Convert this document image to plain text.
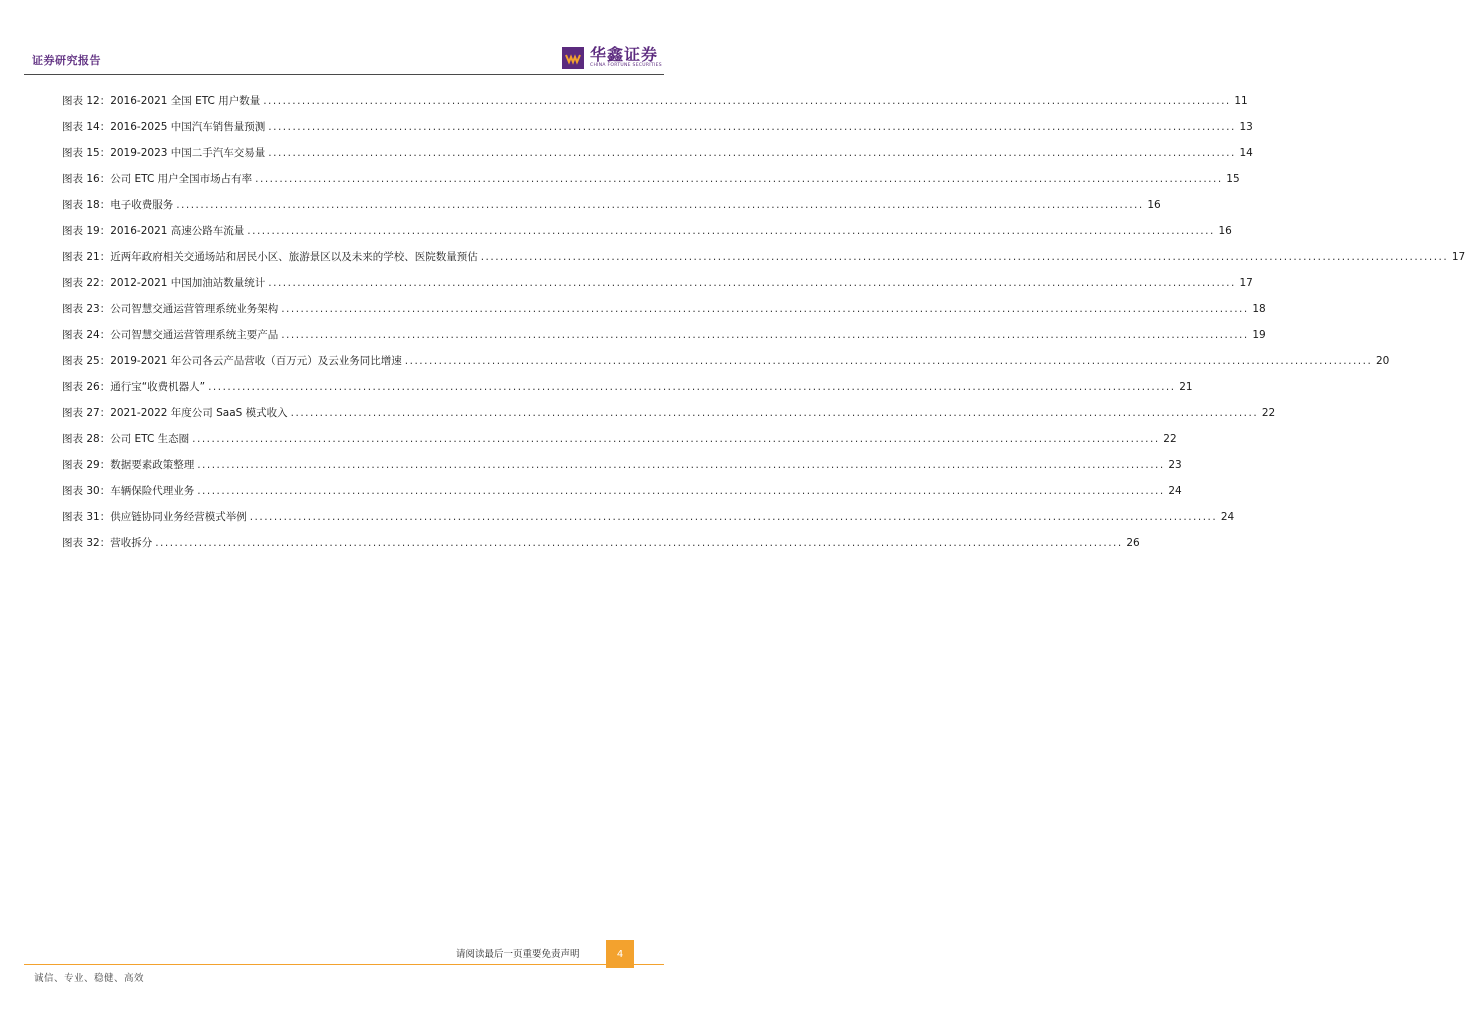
证券研究报告	华鑫证券
CHINA FORTUNE SECURITIES
图表 12：2016-2021 全国 ETC 用户数量 ........................................................................................................................................................................................................ 11
图表 14：2016-2025 中国汽车销售量预测 ........................................................................................................................................................................................................ 13
图表 15：2019-2023 中国二手汽车交易量 ........................................................................................................................................................................................................ 14
图表 16：公司 ETC 用户全国市场占有率 ........................................................................................................................................................................................................ 15
图表 18：电子收费服务 ........................................................................................................................................................................................................ 16
图表 19：2016-2021 高速公路车流量 ........................................................................................................................................................................................................ 16
图表 21：近两年政府相关交通场站和居民小区、旅游景区以及未来的学校、医院数量预估 ........................................................................................................................................................................................................ 17
图表 22：2012-2021 中国加油站数量统计 ........................................................................................................................................................................................................ 17
图表 23：公司智慧交通运营管理系统业务架构 ........................................................................................................................................................................................................ 18
图表 24：公司智慧交通运营管理系统主要产品 ........................................................................................................................................................................................................ 19
图表 25：2019-2021 年公司各云产品营收（百万元）及云业务同比增速 ........................................................................................................................................................................................................ 20
图表 26：通行宝“收费机器人” ........................................................................................................................................................................................................ 21
图表 27：2021-2022 年度公司 SaaS 模式收入 ........................................................................................................................................................................................................ 22
图表 28：公司 ETC 生态圈 ........................................................................................................................................................................................................ 22
图表 29：数据要素政策整理 ........................................................................................................................................................................................................ 23
图表 30：车辆保险代理业务 ........................................................................................................................................................................................................ 24
图表 31：供应链协同业务经营模式举例 ........................................................................................................................................................................................................ 24
图表 32：营收拆分 ........................................................................................................................................................................................................ 26
请阅读最后一页重要免责声明	4
诚信、专业、稳健、高效
